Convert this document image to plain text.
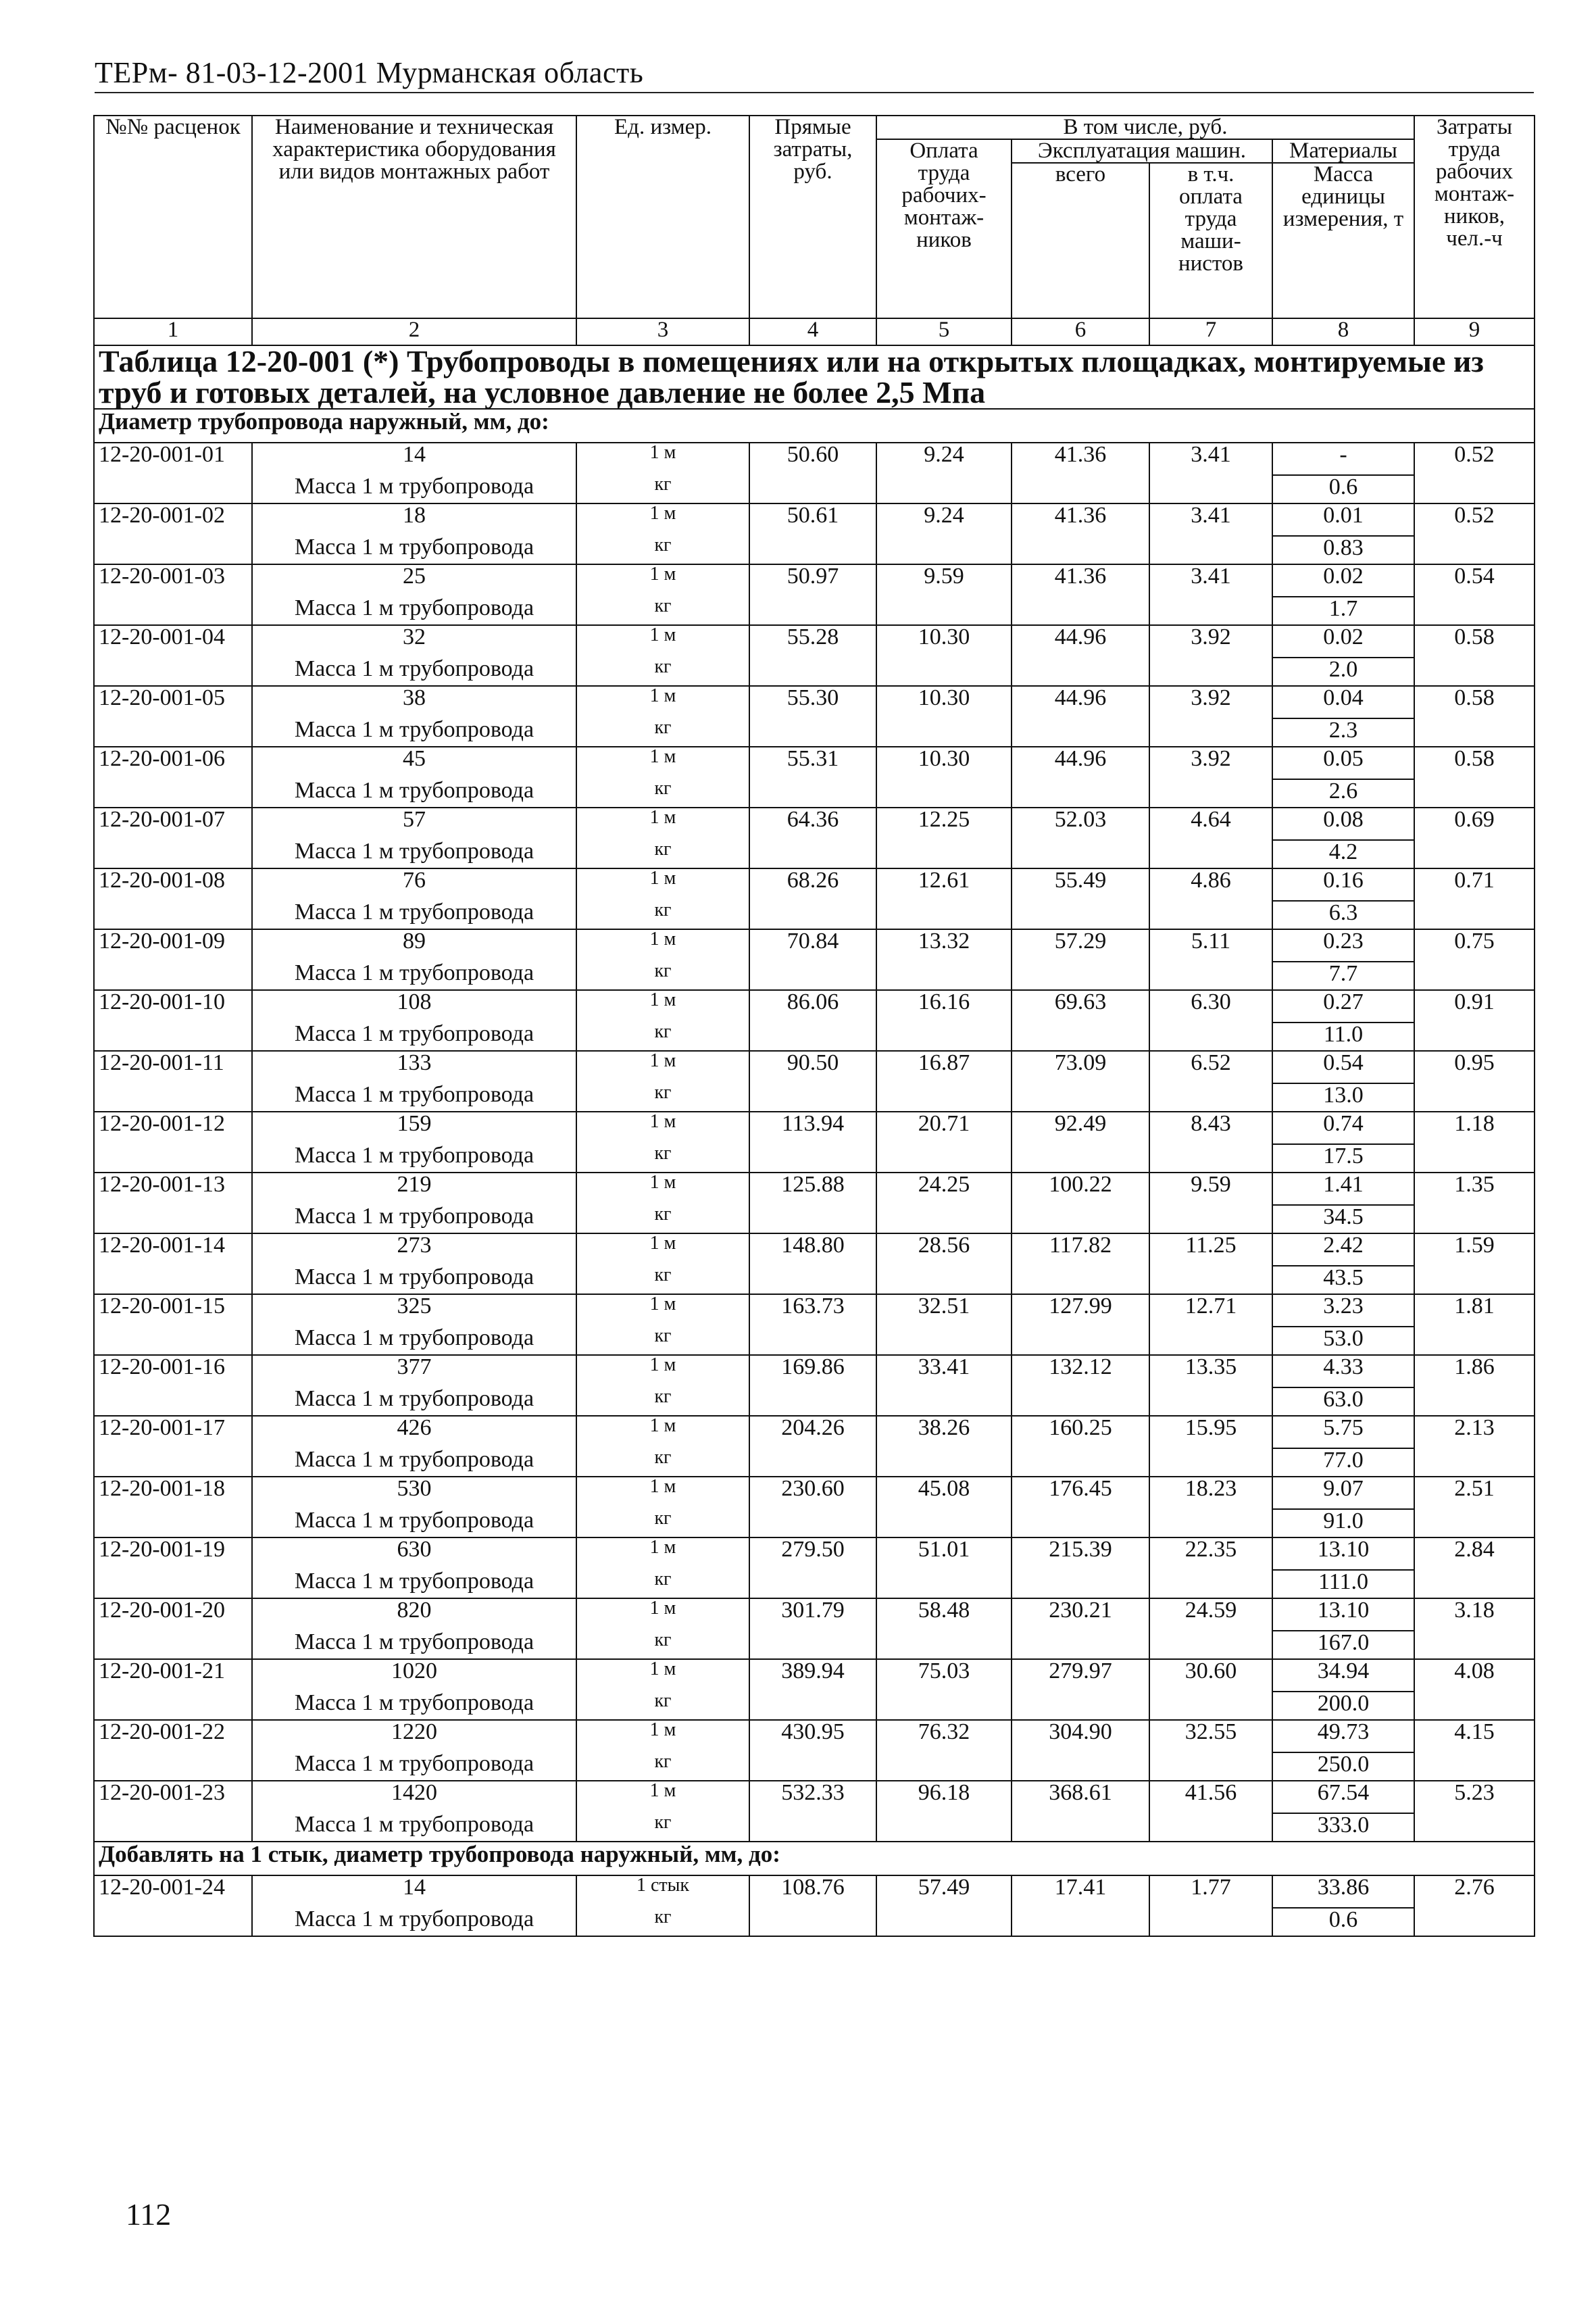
ТЕРм- 81-03-12-2001 Мурманская область
№№ расценок	Наименование и техническая характеристика оборудования или видов монтажных работ	Ед. измер.	Прямые затраты, руб.	В том числе, руб.				Затраты труда рабочих монтаж-ников, чел.-ч
				Оплата труда рабочих-монтаж-ников	Эксплуатация машин.		Материалы	
					всего	в т.ч. оплата труда маши-нистов	Масса единицы измерения, т	
1	2	3	4	5	6	7	8	9
Таблица 12-20-001 (*) Трубопроводы в помещениях или на открытых площадках, монтируемые из труб и готовых деталей, на условное давление не более 2,5 Мпа								
Диаметр трубопровода наружный, мм, до:								
12-20-001-01	14	1 м	50.60	9.24	41.36	3.41	-	0.52
	Масса 1 м трубопровода	кг					0.6	
12-20-001-02	18	1 м	50.61	9.24	41.36	3.41	0.01	0.52
	Масса 1 м трубопровода	кг					0.83	
12-20-001-03	25	1 м	50.97	9.59	41.36	3.41	0.02	0.54
	Масса 1 м трубопровода	кг					1.7	
12-20-001-04	32	1 м	55.28	10.30	44.96	3.92	0.02	0.58
	Масса 1 м трубопровода	кг					2.0	
12-20-001-05	38	1 м	55.30	10.30	44.96	3.92	0.04	0.58
	Масса 1 м трубопровода	кг					2.3	
12-20-001-06	45	1 м	55.31	10.30	44.96	3.92	0.05	0.58
	Масса 1 м трубопровода	кг					2.6	
12-20-001-07	57	1 м	64.36	12.25	52.03	4.64	0.08	0.69
	Масса 1 м трубопровода	кг					4.2	
12-20-001-08	76	1 м	68.26	12.61	55.49	4.86	0.16	0.71
	Масса 1 м трубопровода	кг					6.3	
12-20-001-09	89	1 м	70.84	13.32	57.29	5.11	0.23	0.75
	Масса 1 м трубопровода	кг					7.7	
12-20-001-10	108	1 м	86.06	16.16	69.63	6.30	0.27	0.91
	Масса 1 м трубопровода	кг					11.0	
12-20-001-11	133	1 м	90.50	16.87	73.09	6.52	0.54	0.95
	Масса 1 м трубопровода	кг					13.0	
12-20-001-12	159	1 м	113.94	20.71	92.49	8.43	0.74	1.18
	Масса 1 м трубопровода	кг					17.5	
12-20-001-13	219	1 м	125.88	24.25	100.22	9.59	1.41	1.35
	Масса 1 м трубопровода	кг					34.5	
12-20-001-14	273	1 м	148.80	28.56	117.82	11.25	2.42	1.59
	Масса 1 м трубопровода	кг					43.5	
12-20-001-15	325	1 м	163.73	32.51	127.99	12.71	3.23	1.81
	Масса 1 м трубопровода	кг					53.0	
12-20-001-16	377	1 м	169.86	33.41	132.12	13.35	4.33	1.86
	Масса 1 м трубопровода	кг					63.0	
12-20-001-17	426	1 м	204.26	38.26	160.25	15.95	5.75	2.13
	Масса 1 м трубопровода	кг					77.0	
12-20-001-18	530	1 м	230.60	45.08	176.45	18.23	9.07	2.51
	Масса 1 м трубопровода	кг					91.0	
12-20-001-19	630	1 м	279.50	51.01	215.39	22.35	13.10	2.84
	Масса 1 м трубопровода	кг					111.0	
12-20-001-20	820	1 м	301.79	58.48	230.21	24.59	13.10	3.18
	Масса 1 м трубопровода	кг					167.0	
12-20-001-21	1020	1 м	389.94	75.03	279.97	30.60	34.94	4.08
	Масса 1 м трубопровода	кг					200.0	
12-20-001-22	1220	1 м	430.95	76.32	304.90	32.55	49.73	4.15
	Масса 1 м трубопровода	кг					250.0	
12-20-001-23	1420	1 м	532.33	96.18	368.61	41.56	67.54	5.23
	Масса 1 м трубопровода	кг					333.0	
Добавлять на 1 стык, диаметр трубопровода наружный, мм, до:								
12-20-001-24	14	1 стык	108.76	57.49	17.41	1.77	33.86	2.76
	Масса 1 м трубопровода	кг					0.6	
112
